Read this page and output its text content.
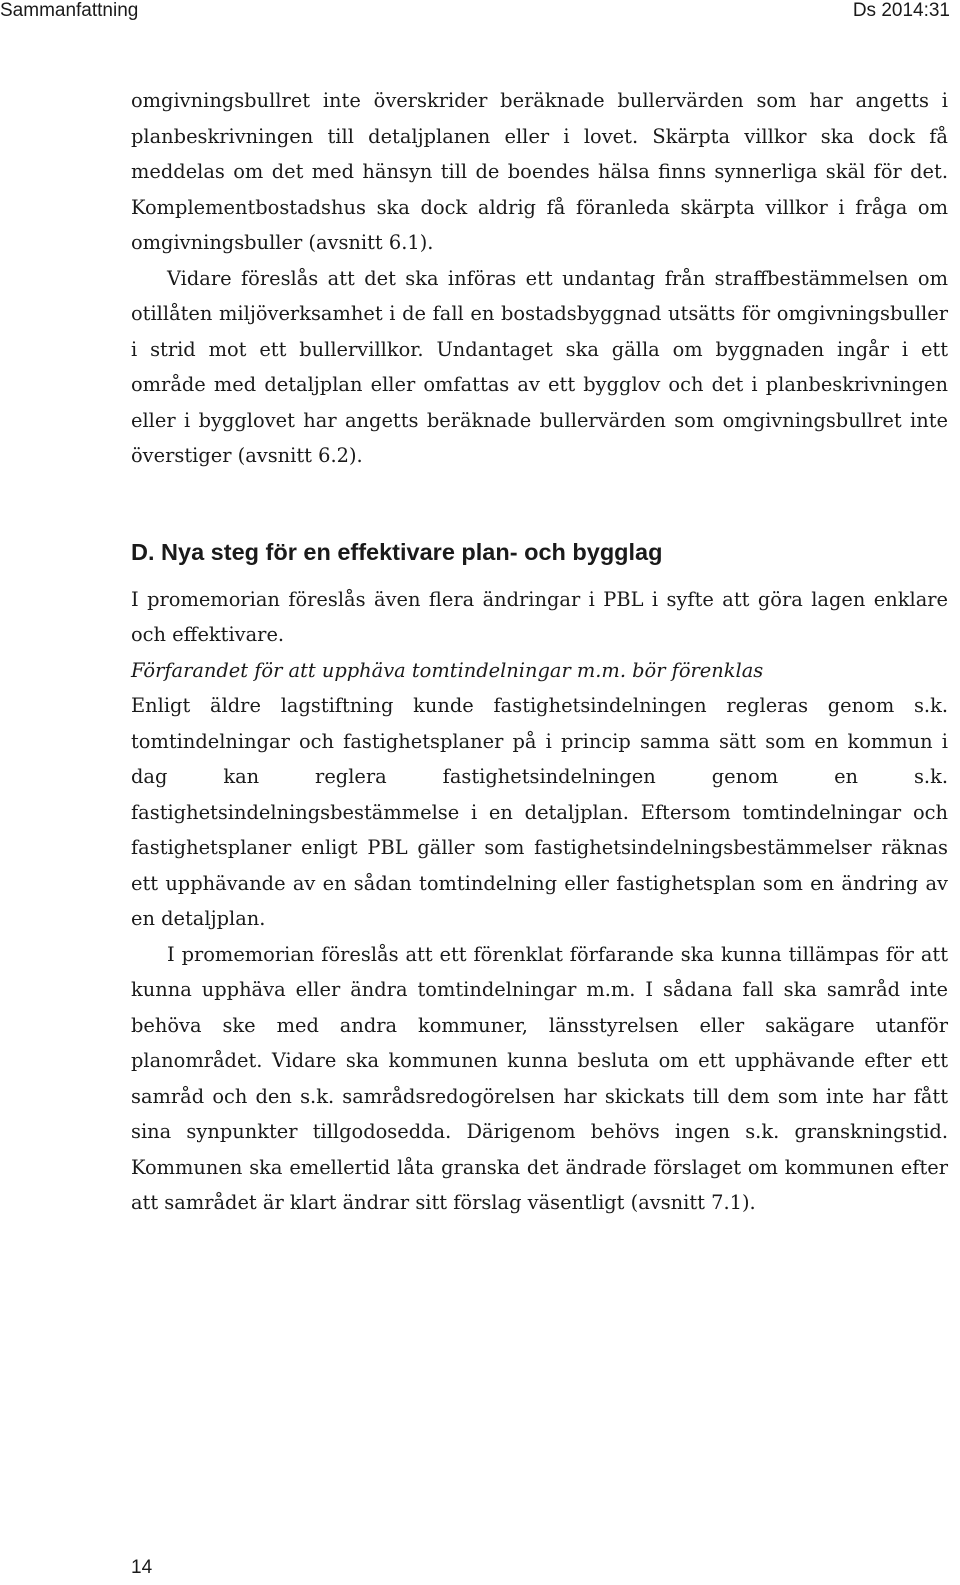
Sammanfattning	Ds 2014:31

omgivningsbullret inte överskrider beräknade bullervärden som har angetts i planbeskrivningen till detaljplanen eller i lovet. Skärpta villkor ska dock få meddelas om det med hänsyn till de boendes hälsa finns synnerliga skäl för det. Komplementbostadshus ska dock aldrig få föranleda skärpta villkor i fråga om omgivningsbuller (avsnitt 6.1).

Vidare föreslås att det ska införas ett undantag från straffbestämmelsen om otillåten miljöverksamhet i de fall en bostadsbyggnad utsätts för omgivningsbuller i strid mot ett bullervillkor. Undantaget ska gälla om byggnaden ingår i ett område med detaljplan eller omfattas av ett bygglov och det i planbeskrivningen eller i bygglovet har angetts beräknade bullervärden som omgivningsbullret inte överstiger (avsnitt 6.2).

D. Nya steg för en effektivare plan- och bygglag

I promemorian föreslås även flera ändringar i PBL i syfte att göra lagen enklare och effektivare.

Förfarandet för att upphäva tomtindelningar m.m. bör förenklas

Enligt äldre lagstiftning kunde fastighetsindelningen regleras genom s.k. tomtindelningar och fastighetsplaner på i princip samma sätt som en kommun i dag kan reglera fastighetsindelningen genom en s.k. fastighetsindelningsbestämmelse i en detaljplan. Eftersom tomtindelningar och fastighetsplaner enligt PBL gäller som fastighetsindelningsbestämmelser räknas ett upphävande av en sådan tomtindelning eller fastighetsplan som en ändring av en detaljplan.

I promemorian föreslås att ett förenklat förfarande ska kunna tillämpas för att kunna upphäva eller ändra tomtindelningar m.m. I sådana fall ska samråd inte behöva ske med andra kommuner, länsstyrelsen eller sakägare utanför planområdet. Vidare ska kommunen kunna besluta om ett upphävande efter ett samråd och den s.k. samrådsredogörelsen har skickats till dem som inte har fått sina synpunkter tillgodosedda. Därigenom behövs ingen s.k. granskningstid. Kommunen ska emellertid låta granska det ändrade förslaget om kommunen efter att samrådet är klart ändrar sitt förslag väsentligt (avsnitt 7.1).

14
